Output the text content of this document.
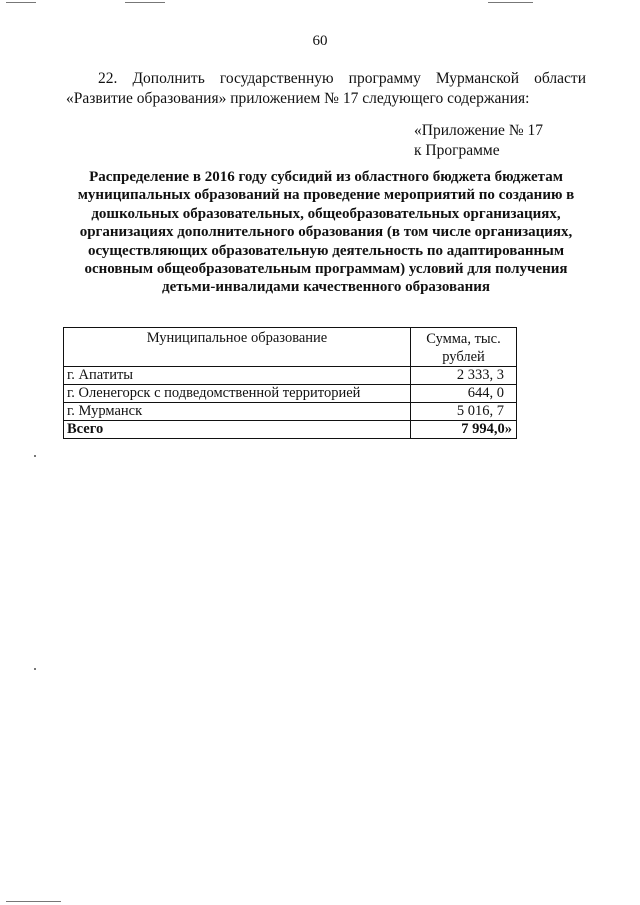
60
22. Дополнить государственную программу Мурманской области
«Развитие образования» приложением № 17 следующего содержания:
«Приложение № 17
к Программе
Распределение в 2016 году субсидий из областного бюджета бюджетам
муниципальных образований на проведение мероприятий по созданию в
дошкольных образовательных, общеобразовательных организациях,
организациях дополнительного образования (в том числе организациях,
осуществляющих образовательную деятельность по адаптированным
основным общеобразовательным программам) условий для получения
детьми-инвалидами качественного образования
Муниципальное образование	Сумма, тыс. рублей
г. Апатиты	2 333, 3
г. Оленегорск с подведомственной территорией	644, 0
г. Мурманск	5 016, 7
Всего	7 994,0»
